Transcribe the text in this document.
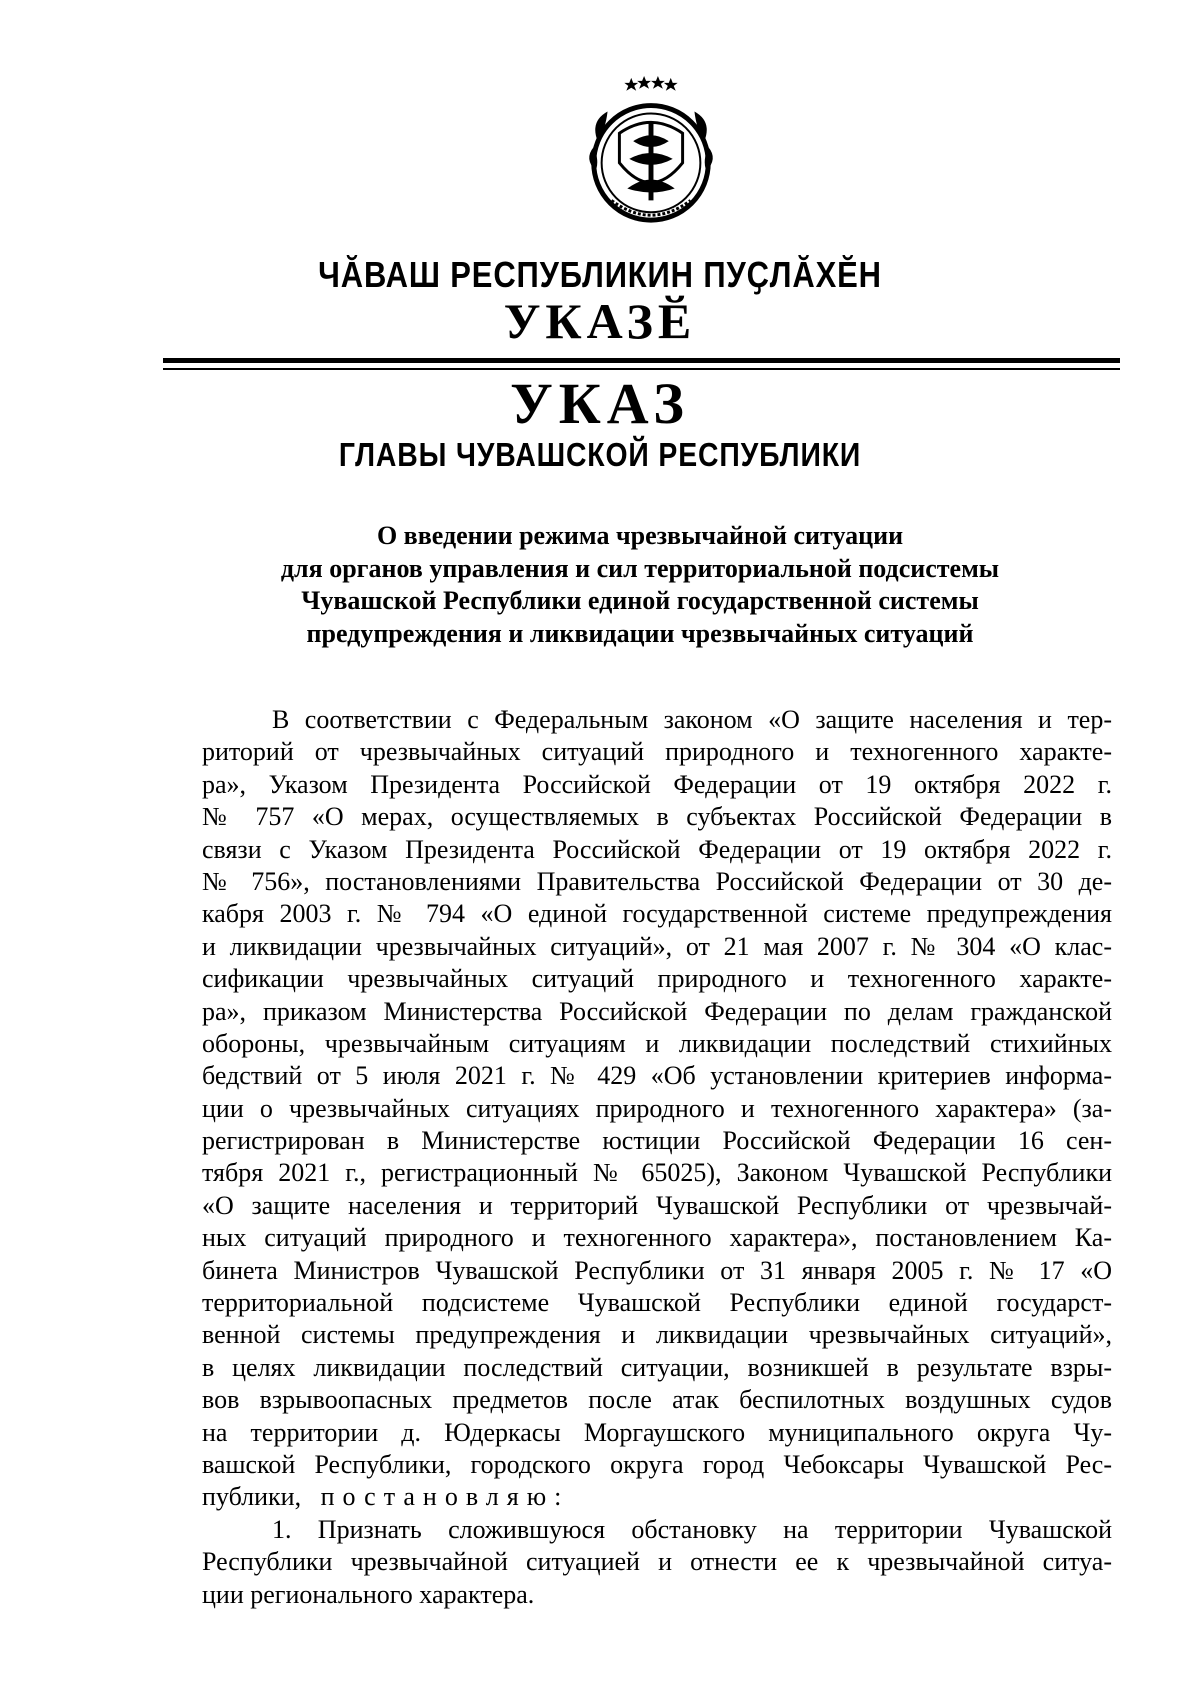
ЧӐВАШ РЕСПУБЛИКИН ПУҪЛӐХӖН
УКАЗӖ
УКАЗ
ГЛАВЫ ЧУВАШСКОЙ РЕСПУБЛИКИ
О введении режима чрезвычайной ситуации
для органов управления и сил территориальной подсистемы
Чувашской Республики единой государственной системы
предупреждения и ликвидации чрезвычайных ситуаций
В соответствии с Федеральным законом «О защите населения и тер-
риторий от чрезвычайных ситуаций природного и техногенного характе-
ра», Указом Президента Российской Федерации от 19 октября 2022 г.
№ 757 «О мерах, осуществляемых в субъектах Российской Федерации в
связи с Указом Президента Российской Федерации от 19 октября 2022 г.
№ 756», постановлениями Правительства Российской Федерации от 30 де-
кабря 2003 г. № 794 «О единой государственной системе предупреждения
и ликвидации чрезвычайных ситуаций», от 21 мая 2007 г. № 304 «О клас-
сификации чрезвычайных ситуаций природного и техногенного характе-
ра», приказом Министерства Российской Федерации по делам гражданской
обороны, чрезвычайным ситуациям и ликвидации последствий стихийных
бедствий от 5 июля 2021 г. № 429 «Об установлении критериев информа-
ции о чрезвычайных ситуациях природного и техногенного характера» (за-
регистрирован в Министерстве юстиции Российской Федерации 16 сен-
тября 2021 г., регистрационный № 65025), Законом Чувашской Республики
«О защите населения и территорий Чувашской Республики от чрезвычай-
ных ситуаций природного и техногенного характера», постановлением Ка-
бинета Министров Чувашской Республики от 31 января 2005 г. № 17 «О
территориальной подсистеме Чувашской Республики единой государст-
венной системы предупреждения и ликвидации чрезвычайных ситуаций»,
в целях ликвидации последствий ситуации, возникшей в результате взры-
вов взрывоопасных предметов после атак беспилотных воздушных судов
на территории д. Юдеркасы Моргаушского муниципального округа Чу-
вашской Республики, городского округа город Чебоксары Чувашской Рес-
публики, постановляю:
1. Признать сложившуюся обстановку на территории Чувашской
Республики чрезвычайной ситуацией и отнести ее к чрезвычайной ситуа-
ции регионального характера.
